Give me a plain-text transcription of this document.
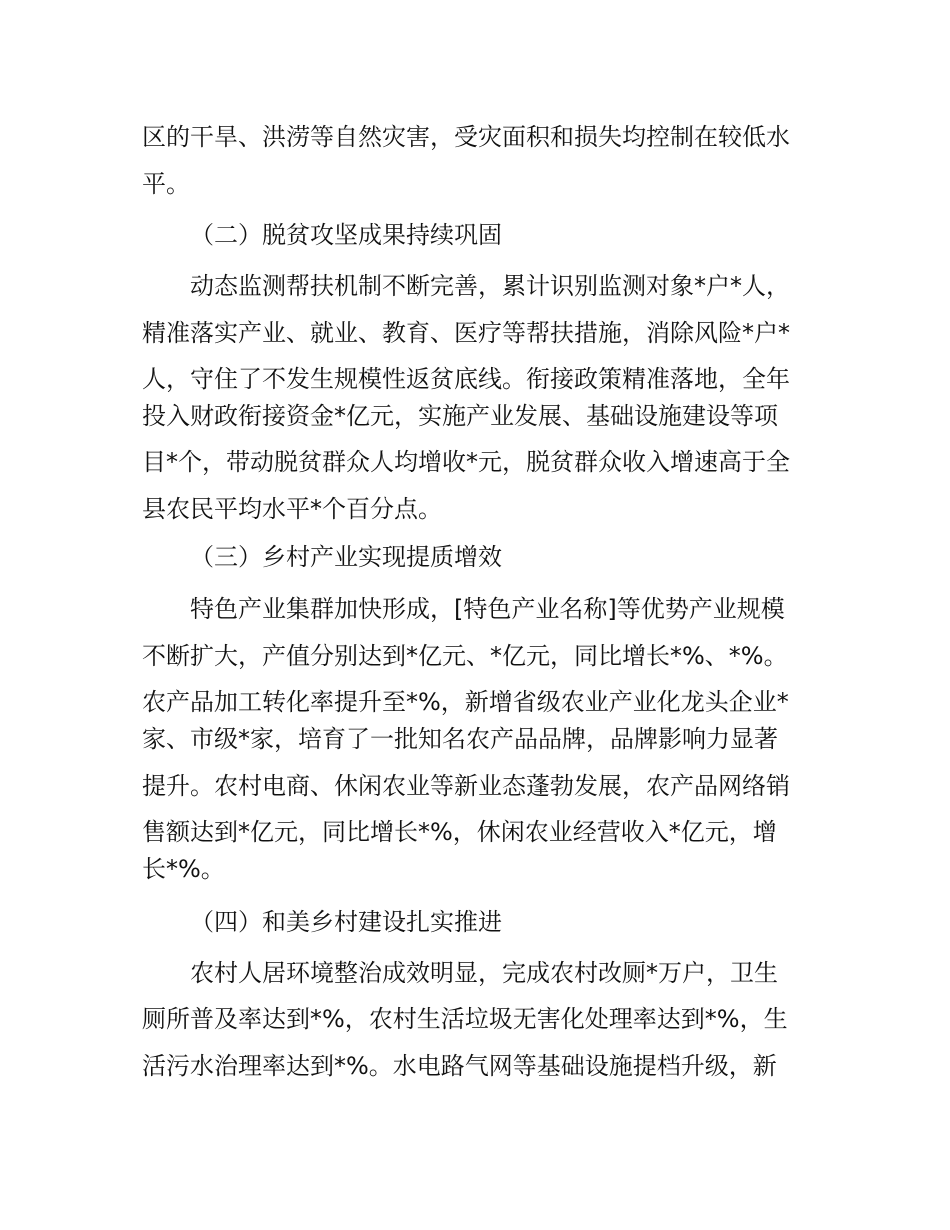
区的干旱、洪涝等自然灾害，受灾面积和损失均控制在较低水
平。
（二）脱贫攻坚成果持续巩固
动态监测帮扶机制不断完善，累计识别监测对象*户*人，
精准落实产业、就业、教育、医疗等帮扶措施，消除风险*户*
人，守住了不发生规模性返贫底线。衔接政策精准落地，全年
投入财政衔接资金*亿元，实施产业发展、基础设施建设等项
目*个，带动脱贫群众人均增收*元，脱贫群众收入增速高于全
县农民平均水平*个百分点。
（三）乡村产业实现提质增效
特色产业集群加快形成，[特色产业名称]等优势产业规模
不断扩大，产值分别达到*亿元、*亿元，同比增长*%、*%。
农产品加工转化率提升至*%，新增省级农业产业化龙头企业*
家、市级*家，培育了一批知名农产品品牌，品牌影响力显著
提升。农村电商、休闲农业等新业态蓬勃发展，农产品网络销
售额达到*亿元，同比增长*%，休闲农业经营收入*亿元，增
长*%。
（四）和美乡村建设扎实推进
农村人居环境整治成效明显，完成农村改厕*万户，卫生
厕所普及率达到*%，农村生活垃圾无害化处理率达到*%，生
活污水治理率达到*%。水电路气网等基础设施提档升级，新
